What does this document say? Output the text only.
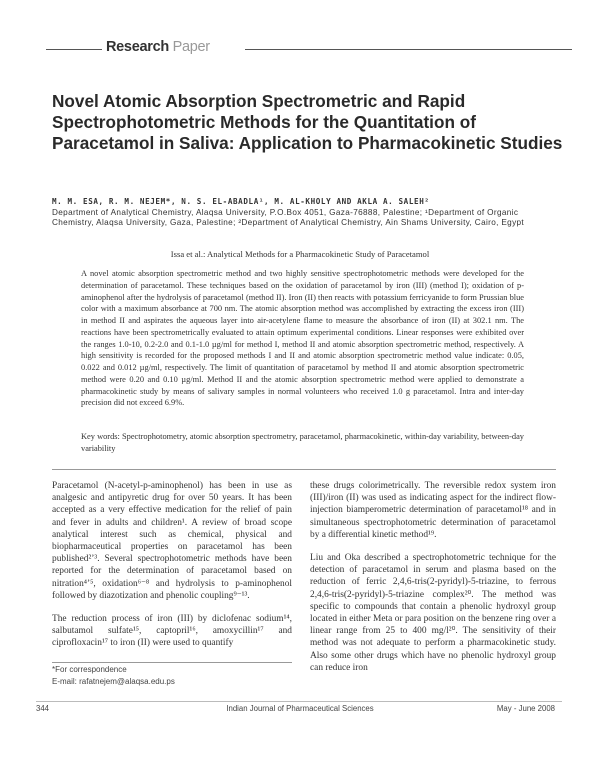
Research Paper
Novel Atomic Absorption Spectrometric and Rapid Spectrophotometric Methods for the Quantitation of Paracetamol in Saliva: Application to Pharmacokinetic Studies
M. M. ESA, R. M. NEJEM*, N. S. EL-ABADLA¹, M. AL-KHOLY AND AKLA A. SALEH²
Department of Analytical Chemistry, Alaqsa University, P.O.Box 4051, Gaza-76888, Palestine; ¹Department of Organic Chemistry, Alaqsa University, Gaza, Palestine; ²Department of Analytical Chemistry, Ain Shams University, Cairo, Egypt
Issa et al.: Analytical Methods for a Pharmacokinetic Study of Paracetamol
A novel atomic absorption spectrometric method and two highly sensitive spectrophotometric methods were developed for the determination of paracetamol. These techniques based on the oxidation of paracetamol by iron (III) (method I); oxidation of p-aminophenol after the hydrolysis of paracetamol (method II). Iron (II) then reacts with potassium ferricyanide to form Prussian blue color with a maximum absorbance at 700 nm. The atomic absorption method was accomplished by extracting the excess iron (III) in method II and aspirates the aqueous layer into air-acetylene flame to measure the absorbance of iron (II) at 302.1 nm. The reactions have been spectrometrically evaluated to attain optimum experimental conditions. Linear responses were exhibited over the ranges 1.0-10, 0.2-2.0 and 0.1-1.0 µg/ml for method I, method II and atomic absorption spectrometric method, respectively. A high sensitivity is recorded for the proposed methods I and II and atomic absorption spectrometric method value indicate: 0.05, 0.022 and 0.012 µg/ml, respectively. The limit of quantitation of paracetamol by method II and atomic absorption spectrometric method were 0.20 and 0.10 µg/ml. Method II and the atomic absorption spectrometric method were applied to demonstrate a pharmacokinetic study by means of salivary samples in normal volunteers who received 1.0 g paracetamol. Intra and inter-day precision did not exceed 6.9%.
Key words: Spectrophotometry, atomic absorption spectrometry, paracetamol, pharmacokinetic, within-day variability, between-day variability

Paracetamol (N-acetyl-p-aminophenol) has been in use as analgesic and antipyretic drug for over 50 years. It has been accepted as a very effective medication for the relief of pain and fever in adults and children¹. A review of broad scope analytical interest such as chemical, physical and biopharmaceutical properties on paracetamol has been published²ʼ³. Several spectrophotometric methods have been reported for the determination of paracetamol based on nitration⁴ʼ⁵, oxidation⁶⁻⁸ and hydrolysis to p-aminophenol followed by diazotization and phenolic coupling⁹⁻¹³.

The reduction process of iron (III) by diclofenac sodium¹⁴, salbutamol sulfate¹⁵, captopril¹⁶, amoxycillin¹⁷ and ciprofloxacin¹⁷ to iron (II) were used to quantify

these drugs colorimetrically. The reversible redox system iron (III)/iron (II) was used as indicating aspect for the indirect flow-injection biamperometric determination of paracetamol¹⁸ and in simultaneous spectrophotometric determination of paracetamol by a differential kinetic method¹⁹.

Liu and Oka described a spectrophotometric technique for the detection of paracetamol in serum and plasma based on the reduction of ferric 2,4,6-tris(2-pyridyl)-5-triazine, to ferrous 2,4,6-tris(2-pyridyl)-5-triazine complex²⁰. The method was specific to compounds that contain a phenolic hydroxyl group located in either Meta or para position on the benzene ring over a linear range from 25 to 400 mg/l²⁰. The sensitivity of their method was not adequate to perform a pharmacokinetic study. Also some other drugs which have no phenolic hydroxyl group can reduce iron

*For correspondence
E-mail: rafatnejem@alaqsa.edu.ps
344	Indian Journal of Pharmaceutical Sciences	May - June 2008
